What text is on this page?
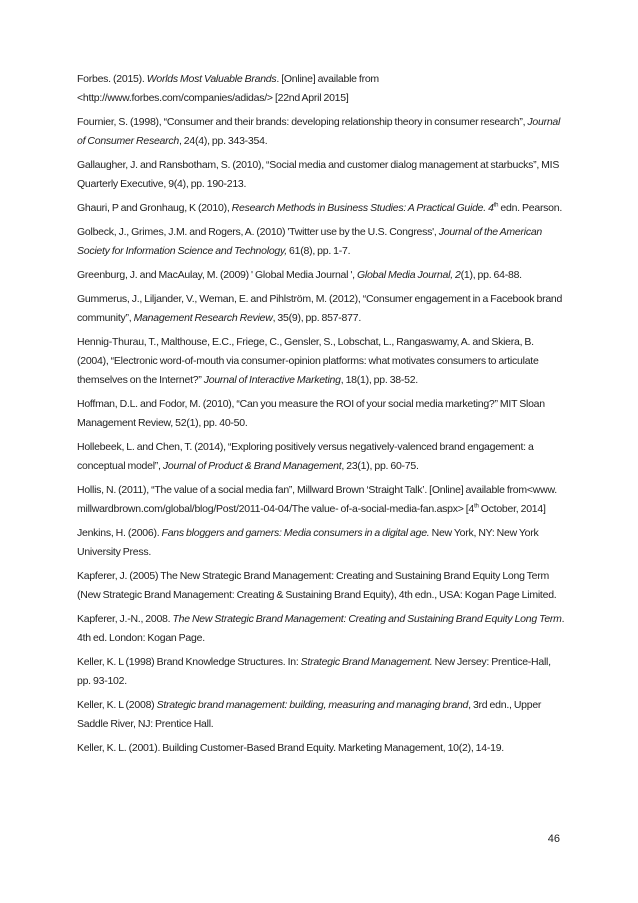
Forbes. (2015). Worlds Most Valuable Brands. [Online] available from <http://www.forbes.com/companies/adidas/> [22nd April 2015]

Fournier, S. (1998), “Consumer and their brands: developing relationship theory in consumer research”, Journal of Consumer Research, 24(4), pp. 343-354.

Gallaugher, J. and Ransbotham, S. (2010), “Social media and customer dialog management at starbucks”, MIS Quarterly Executive, 9(4), pp. 190-213.

Ghauri, P and Gronhaug, K (2010), Research Methods in Business Studies: A Practical Guide. 4th edn. Pearson.

Golbeck, J., Grimes, J.M. and Rogers, A. (2010) 'Twitter use by the U.S. Congress', Journal of the American Society for Information Science and Technology, 61(8), pp. 1-7.

Greenburg, J. and MacAulay, M. (2009) ' Global Media Journal ', Global Media Journal, 2(1), pp. 64-88.

Gummerus, J., Liljander, V., Weman, E. and Pihlström, M. (2012), “Consumer engagement in a Facebook brand community”, Management Research Review, 35(9), pp. 857-877.

Hennig-Thurau, T., Malthouse, E.C., Friege, C., Gensler, S., Lobschat, L., Rangaswamy, A. and Skiera, B. (2004), “Electronic word-of-mouth via consumer-opinion platforms: what motivates consumers to articulate themselves on the Internet?” Journal of Interactive Marketing, 18(1), pp. 38-52.

Hoffman, D.L. and Fodor, M. (2010), “Can you measure the ROI of your social media marketing?” MIT Sloan Management Review, 52(1), pp. 40-50.

Hollebeek, L. and Chen, T. (2014), “Exploring positively versus negatively-valenced brand engagement: a conceptual model”, Journal of Product & Brand Management, 23(1), pp. 60-75.

Hollis, N. (2011), “The value of a social media fan”, Millward Brown ‘Straight Talk’. [Online] available from<www. millwardbrown.com/global/blog/Post/2011-04-04/The value- of-a-social-media-fan.aspx> [4th October, 2014]

Jenkins, H. (2006). Fans bloggers and gamers: Media consumers in a digital age. New York, NY: New York University Press.

Kapferer, J. (2005) The New Strategic Brand Management: Creating and Sustaining Brand Equity Long Term (New Strategic Brand Management: Creating & Sustaining Brand Equity), 4th edn., USA: Kogan Page Limited.

Kapferer, J.-N., 2008. The New Strategic Brand Management: Creating and Sustaining Brand Equity Long Term. 4th ed. London: Kogan Page.

Keller, K. L (1998) Brand Knowledge Structures. In: Strategic Brand Management. New Jersey: Prentice-Hall, pp. 93-102.

Keller, K. L (2008) Strategic brand management: building, measuring and managing brand, 3rd edn., Upper Saddle River, NJ: Prentice Hall.

Keller, K. L. (2001). Building Customer-Based Brand Equity. Marketing Management, 10(2), 14-19.

46
